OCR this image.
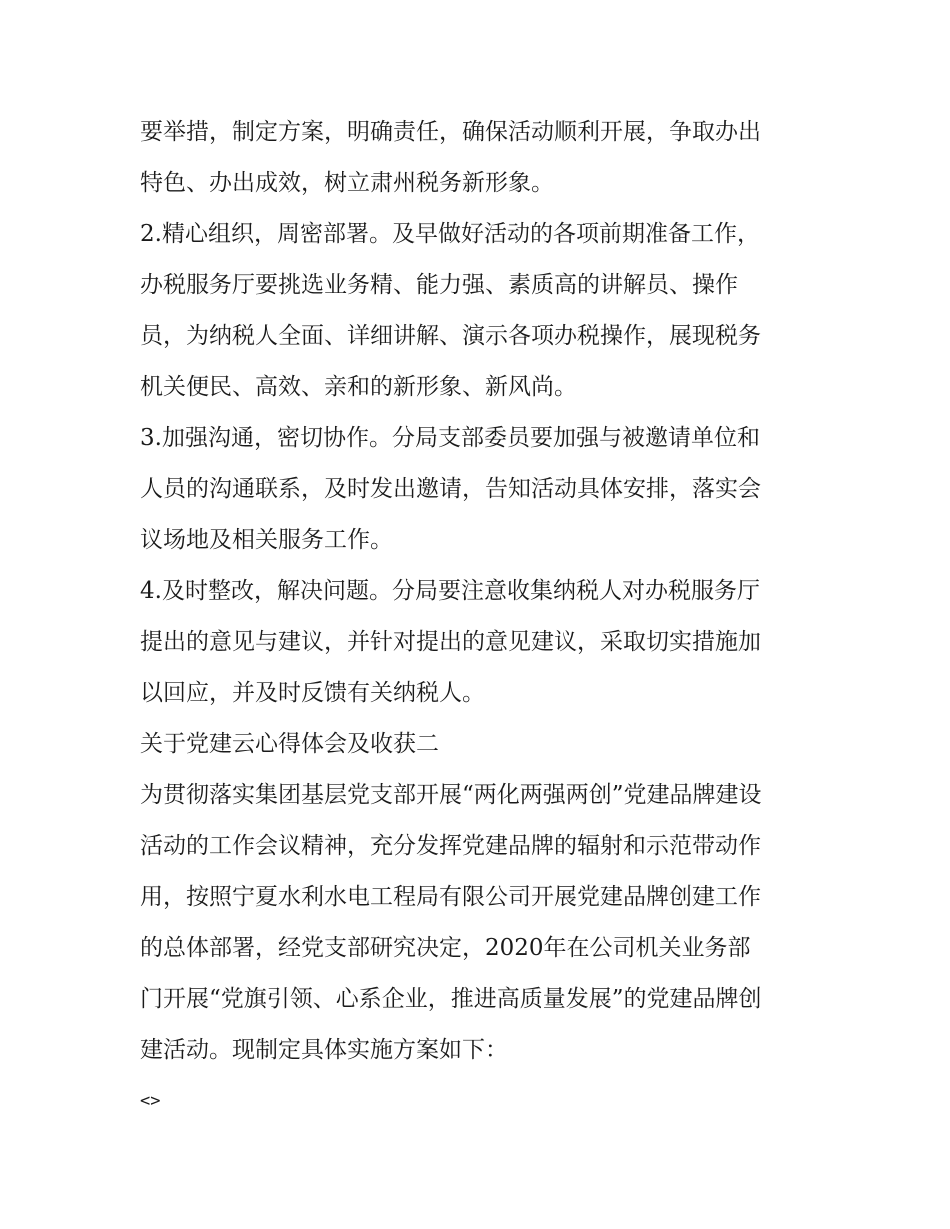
要举措，制定方案，明确责任，确保活动顺利开展，争取办出
特色、办出成效，树立肃州税务新形象。
2.精心组织，周密部署。及早做好活动的各项前期准备工作，
办税服务厅要挑选业务精、能力强、素质高的讲解员、操作
员，为纳税人全面、详细讲解、演示各项办税操作，展现税务
机关便民、高效、亲和的新形象、新风尚。
3.加强沟通，密切协作。分局支部委员要加强与被邀请单位和
人员的沟通联系，及时发出邀请，告知活动具体安排，落实会
议场地及相关服务工作。
4.及时整改，解决问题。分局要注意收集纳税人对办税服务厅
提出的意见与建议，并针对提出的意见建议，采取切实措施加
以回应，并及时反馈有关纳税人。
关于党建云心得体会及收获二
为贯彻落实集团基层党支部开展“两化两强两创”党建品牌建设
活动的工作会议精神，充分发挥党建品牌的辐射和示范带动作
用，按照宁夏水利水电工程局有限公司开展党建品牌创建工作
的总体部署，经党支部研究决定，2020年在公司机关业务部
门开展“党旗引领、心系企业，推进高质量发展”的党建品牌创
建活动。现制定具体实施方案如下：
<>
